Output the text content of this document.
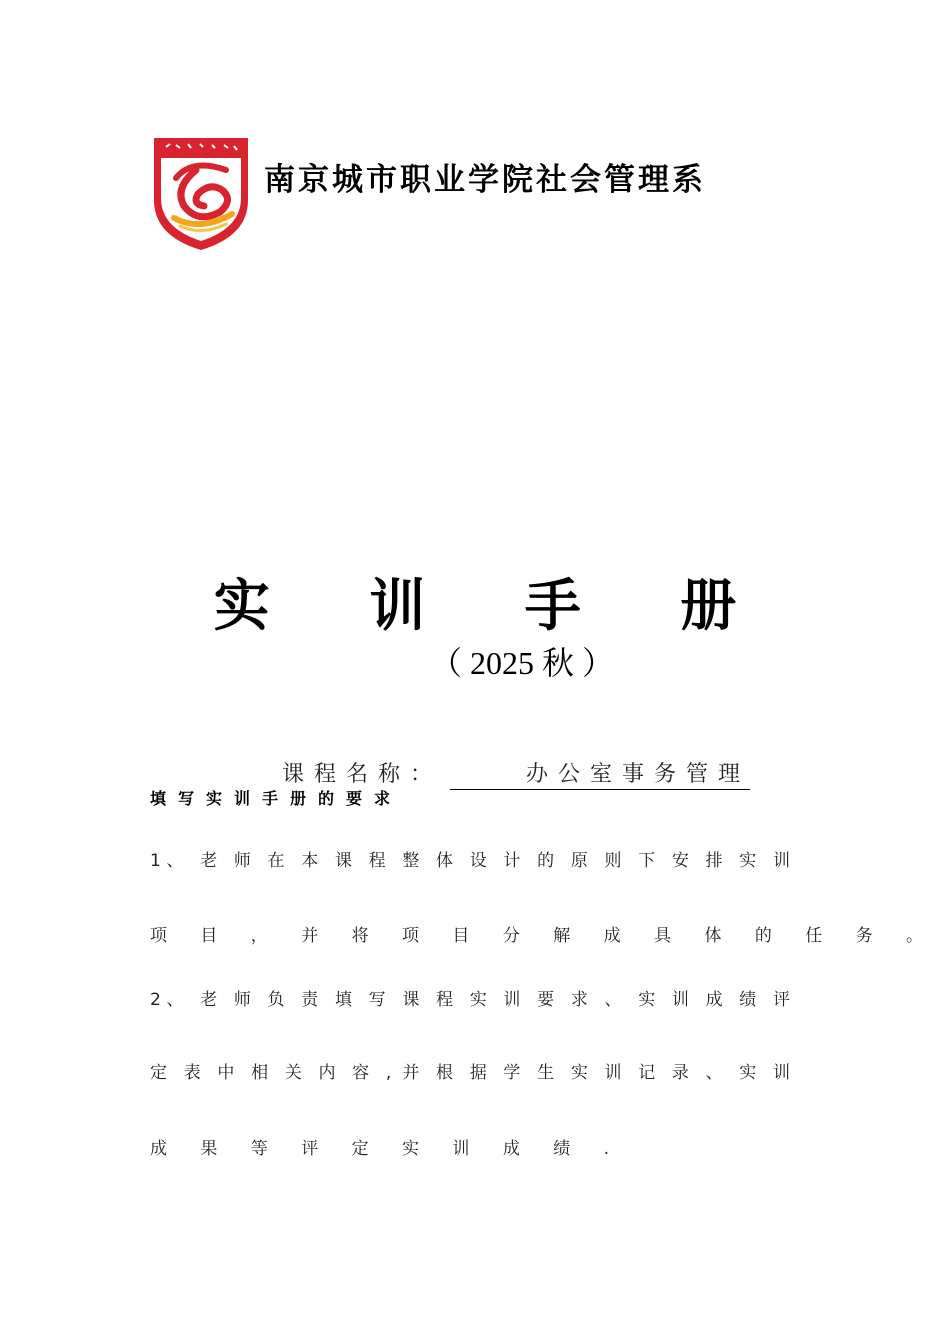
南京城市职业学院社会管理系
实 训 手 册
（ 2025 秋 ）
课程名称：	办公室事务管理
填写实训手册的要求
1、 老 师 在 本 课 程 整 体 设 计 的 原 则 下 安 排 实 训
项 目 ， 并 将 项 目 分 解 成 具 体 的 任 务 。
2、 老 师 负 责 填 写 课 程 实 训 要 求 、 实 训 成 绩 评
定 表 中 相 关 内 容 , 并 根 据 学 生 实 训 记 录 、 实 训
成 果 等 评 定 实 训 成 绩 .
